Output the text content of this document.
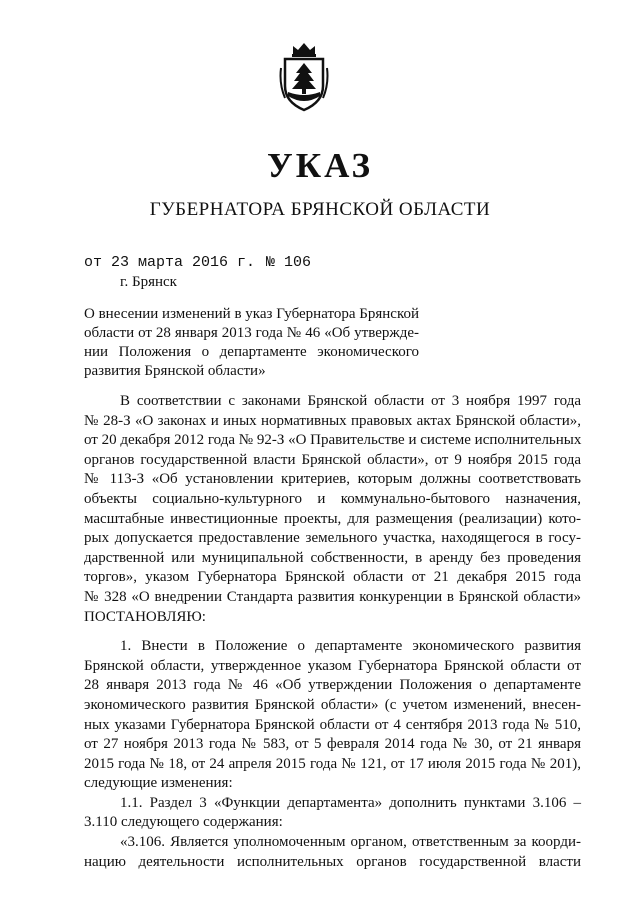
УКАЗ
ГУБЕРНАТОРА БРЯНСКОЙ ОБЛАСТИ
от 23 марта 2016 г. № 106
г. Брянск
О внесении изменений в указ Губернатора Брянской
области от 28 января 2013 года № 46 «Об утвержде-
нии Положения о департаменте экономического
развития Брянской области»
В соответствии с законами Брянской области от 3 ноября 1997 года
№ 28-З «О законах и иных нормативных правовых актах Брянской области»,
от 20 декабря 2012 года № 92-З «О Правительстве и системе исполнительных
органов государственной власти Брянской области», от 9 ноября 2015 года
№ 113-З «Об установлении критериев, которым должны соответствовать
объекты социально-культурного и коммунально-бытового назначения,
масштабные инвестиционные проекты, для размещения (реализации) кото-
рых допускается предоставление земельного участка, находящегося в госу-
дарственной или муниципальной собственности, в аренду без проведения
торгов», указом Губернатора Брянской области от 21 декабря 2015 года
№ 328 «О внедрении Стандарта развития конкуренции в Брянской области»
ПОСТАНОВЛЯЮ:
1. Внести в Положение о департаменте экономического развития
Брянской области, утвержденное указом Губернатора Брянской области от
28 января 2013 года № 46 «Об утверждении Положения о департаменте
экономического развития Брянской области» (с учетом изменений, внесен-
ных указами Губернатора Брянской области от 4 сентября 2013 года № 510,
от 27 ноября 2013 года № 583, от 5 февраля 2014 года № 30, от 21 января
2015 года № 18, от 24 апреля 2015 года № 121, от 17 июля 2015 года № 201),
следующие изменения:
1.1. Раздел 3 «Функции департамента» дополнить пунктами 3.106 –
3.110 следующего содержания:
«3.106. Является уполномоченным органом, ответственным за коорди-
нацию деятельности исполнительных органов государственной власти
